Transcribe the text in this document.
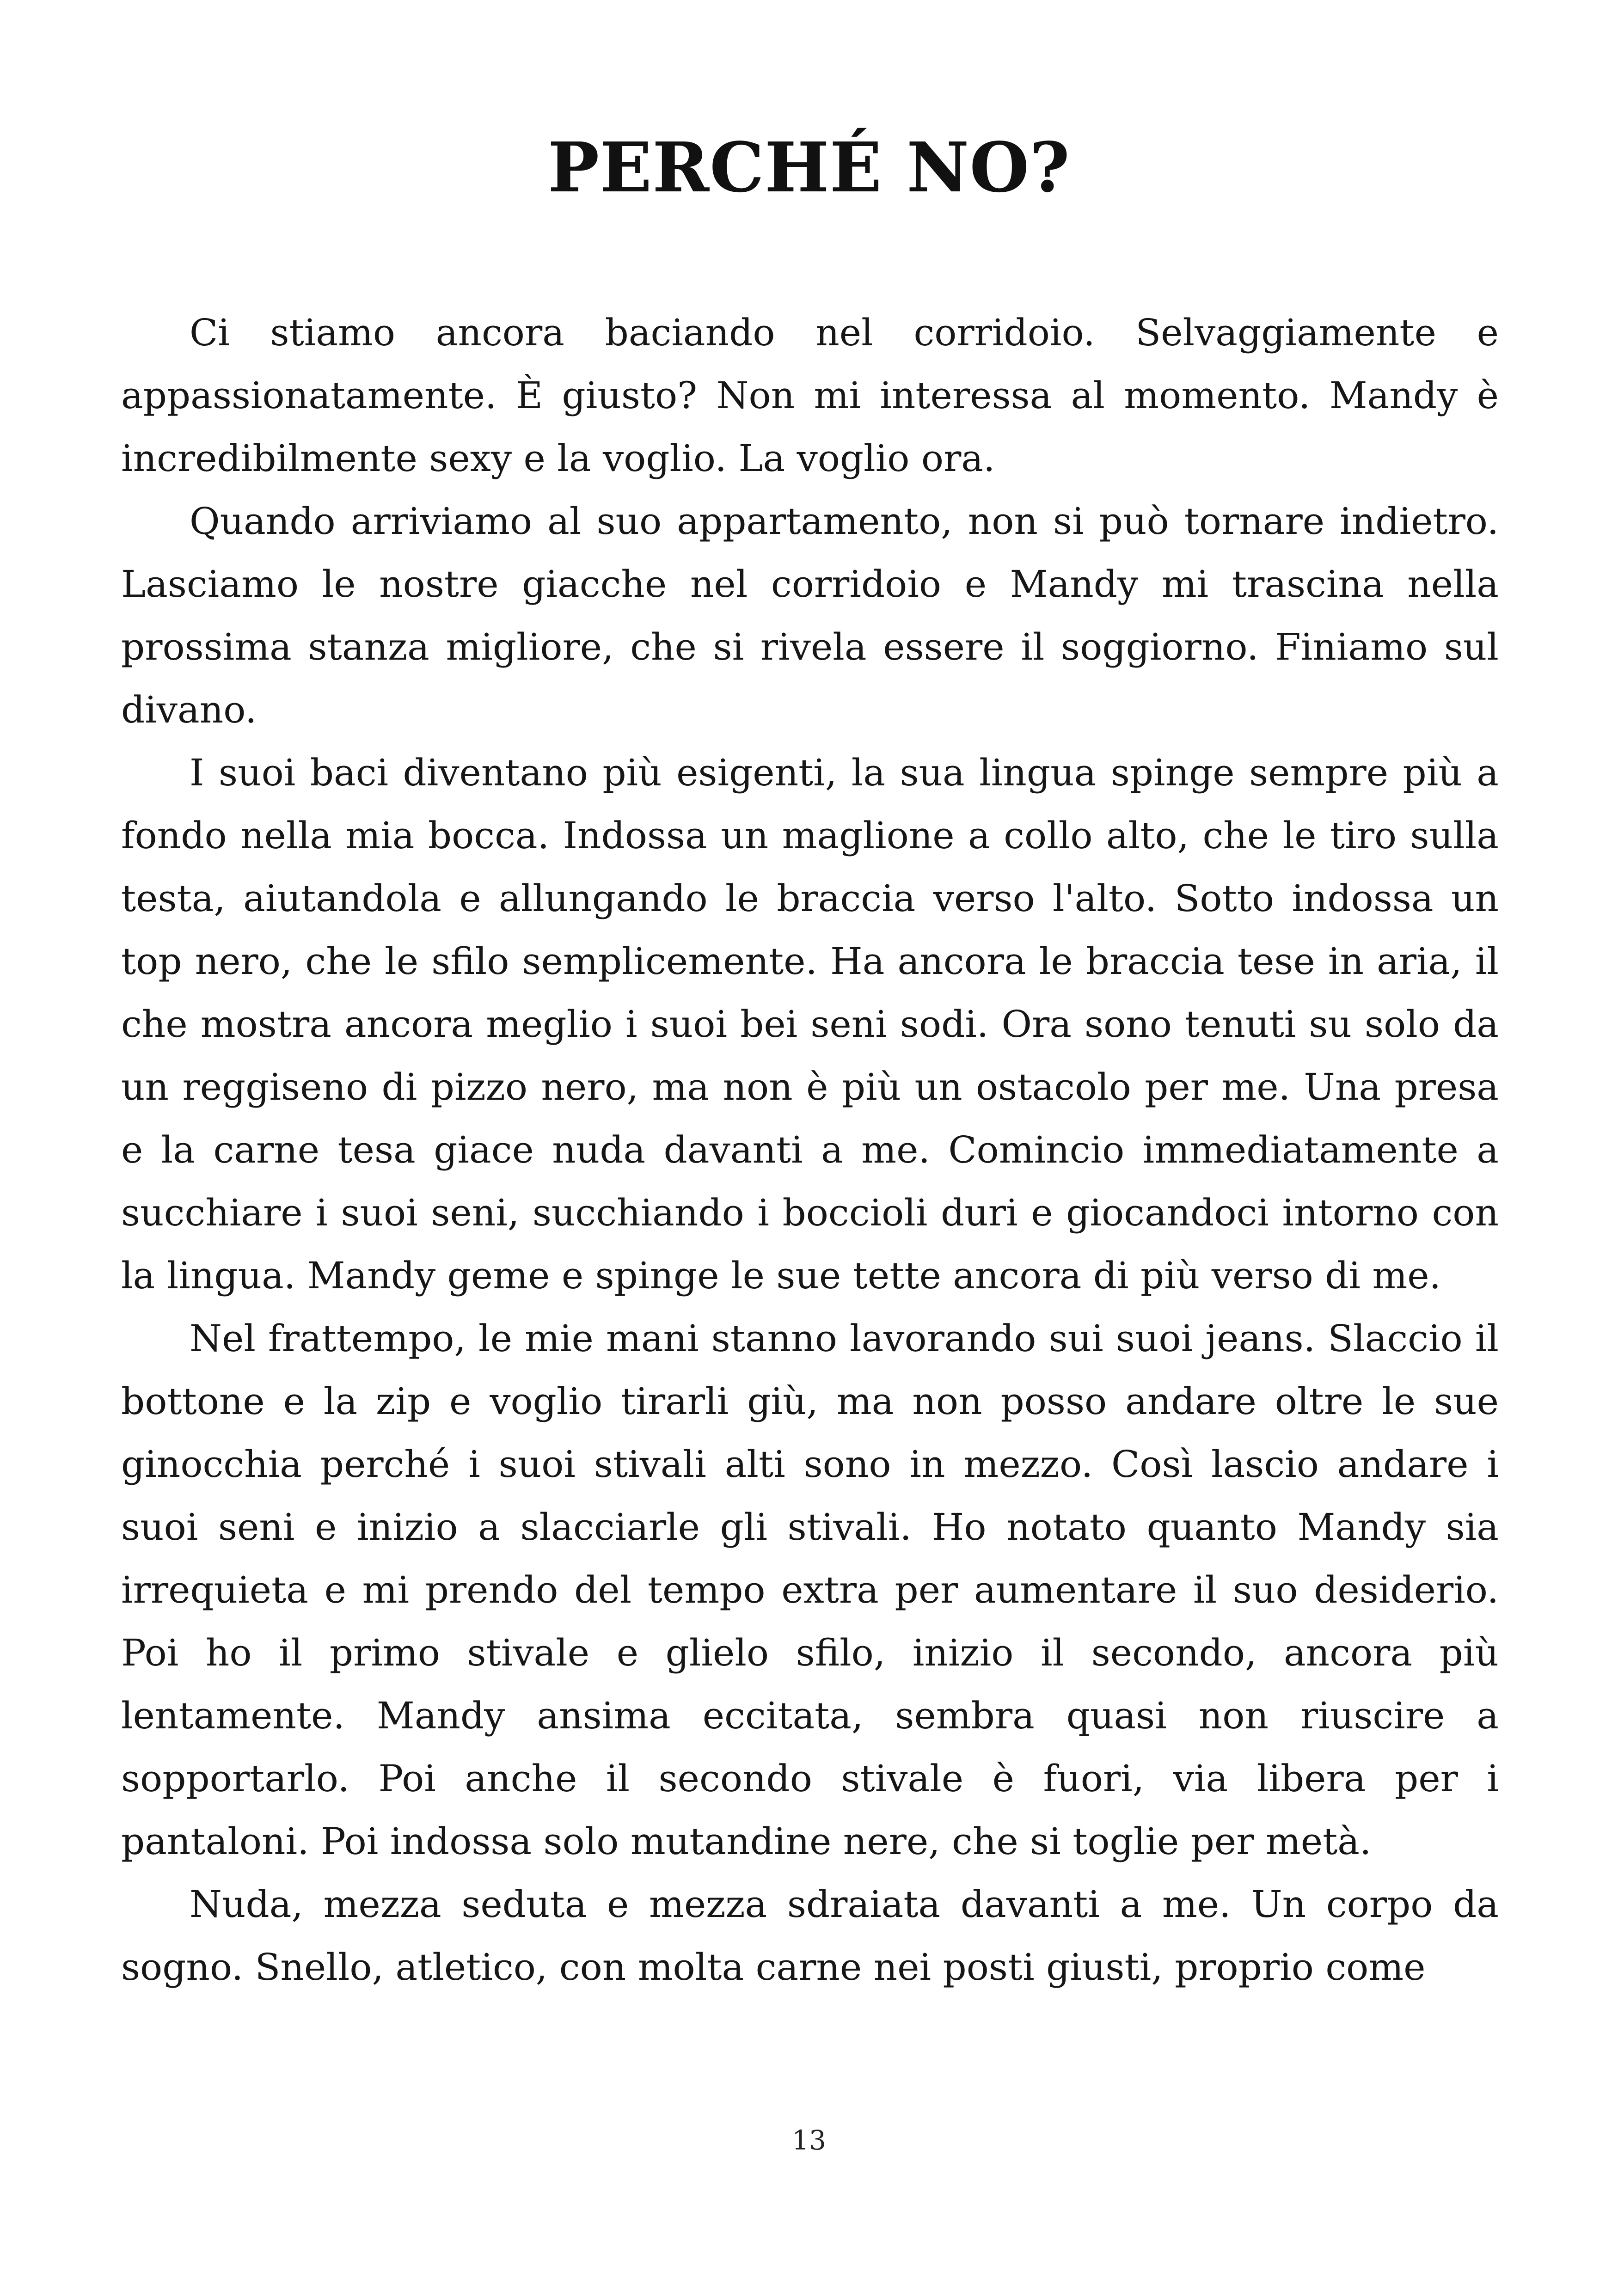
PERCHÉ NO?

Ci stiamo ancora baciando nel corridoio. Selvaggiamente e appassionatamente. È giusto? Non mi interessa al momento. Mandy è incredibilmente sexy e la voglio. La voglio ora.

Quando arriviamo al suo appartamento, non si può tornare indietro. Lasciamo le nostre giacche nel corridoio e Mandy mi trascina nella prossima stanza migliore, che si rivela essere il soggiorno. Finiamo sul divano.

I suoi baci diventano più esigenti, la sua lingua spinge sempre più a fondo nella mia bocca. Indossa un maglione a collo alto, che le tiro sulla testa, aiutandola e allungando le braccia verso l'alto. Sotto indossa un top nero, che le sfilo semplicemente. Ha ancora le braccia tese in aria, il che mostra ancora meglio i suoi bei seni sodi. Ora sono tenuti su solo da un reggiseno di pizzo nero, ma non è più un ostacolo per me. Una presa e la carne tesa giace nuda davanti a me. Comincio immediatamente a succhiare i suoi seni, succhiando i boccioli duri e giocandoci intorno con la lingua. Mandy geme e spinge le sue tette ancora di più verso di me.

Nel frattempo, le mie mani stanno lavorando sui suoi jeans. Slaccio il bottone e la zip e voglio tirarli giù, ma non posso andare oltre le sue ginocchia perché i suoi stivali alti sono in mezzo. Così lascio andare i suoi seni e inizio a slacciarle gli stivali. Ho notato quanto Mandy sia irrequieta e mi prendo del tempo extra per aumentare il suo desiderio. Poi ho il primo stivale e glielo sfilo, inizio il secondo, ancora più lentamente. Mandy ansima eccitata, sembra quasi non riuscire a sopportarlo. Poi anche il secondo stivale è fuori, via libera per i pantaloni. Poi indossa solo mutandine nere, che si toglie per metà.

Nuda, mezza seduta e mezza sdraiata davanti a me. Un corpo da sogno. Snello, atletico, con molta carne nei posti giusti, proprio come

13
